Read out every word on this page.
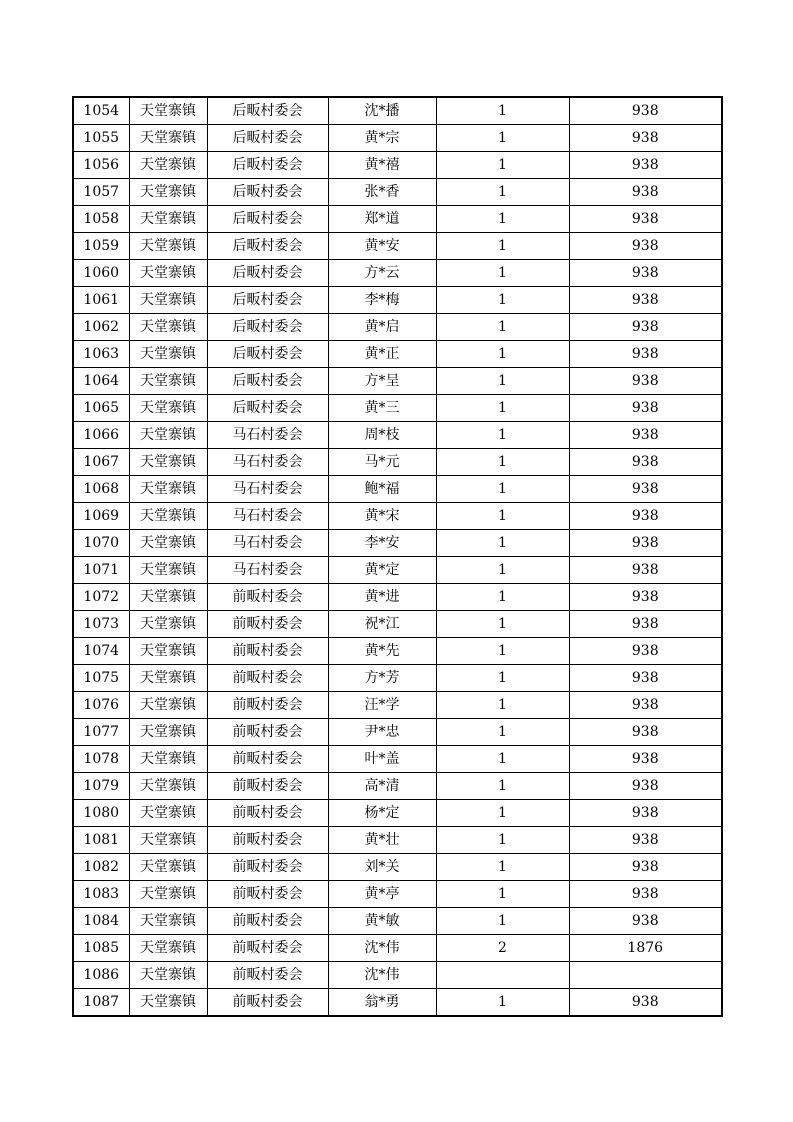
1054	天堂寨镇	后畈村委会	沈*播	1	938
1055	天堂寨镇	后畈村委会	黄*宗	1	938
1056	天堂寨镇	后畈村委会	黄*禧	1	938
1057	天堂寨镇	后畈村委会	张*香	1	938
1058	天堂寨镇	后畈村委会	郑*道	1	938
1059	天堂寨镇	后畈村委会	黄*安	1	938
1060	天堂寨镇	后畈村委会	方*云	1	938
1061	天堂寨镇	后畈村委会	李*梅	1	938
1062	天堂寨镇	后畈村委会	黄*启	1	938
1063	天堂寨镇	后畈村委会	黄*正	1	938
1064	天堂寨镇	后畈村委会	方*呈	1	938
1065	天堂寨镇	后畈村委会	黄*三	1	938
1066	天堂寨镇	马石村委会	周*枝	1	938
1067	天堂寨镇	马石村委会	马*元	1	938
1068	天堂寨镇	马石村委会	鲍*福	1	938
1069	天堂寨镇	马石村委会	黄*宋	1	938
1070	天堂寨镇	马石村委会	李*安	1	938
1071	天堂寨镇	马石村委会	黄*定	1	938
1072	天堂寨镇	前畈村委会	黄*进	1	938
1073	天堂寨镇	前畈村委会	祝*江	1	938
1074	天堂寨镇	前畈村委会	黄*先	1	938
1075	天堂寨镇	前畈村委会	方*芳	1	938
1076	天堂寨镇	前畈村委会	汪*学	1	938
1077	天堂寨镇	前畈村委会	尹*忠	1	938
1078	天堂寨镇	前畈村委会	叶*盖	1	938
1079	天堂寨镇	前畈村委会	高*清	1	938
1080	天堂寨镇	前畈村委会	杨*定	1	938
1081	天堂寨镇	前畈村委会	黄*壮	1	938
1082	天堂寨镇	前畈村委会	刘*关	1	938
1083	天堂寨镇	前畈村委会	黄*亭	1	938
1084	天堂寨镇	前畈村委会	黄*敏	1	938
1085	天堂寨镇	前畈村委会	沈*伟	2	1876
1086	天堂寨镇	前畈村委会	沈*伟		
1087	天堂寨镇	前畈村委会	翁*勇	1	938
